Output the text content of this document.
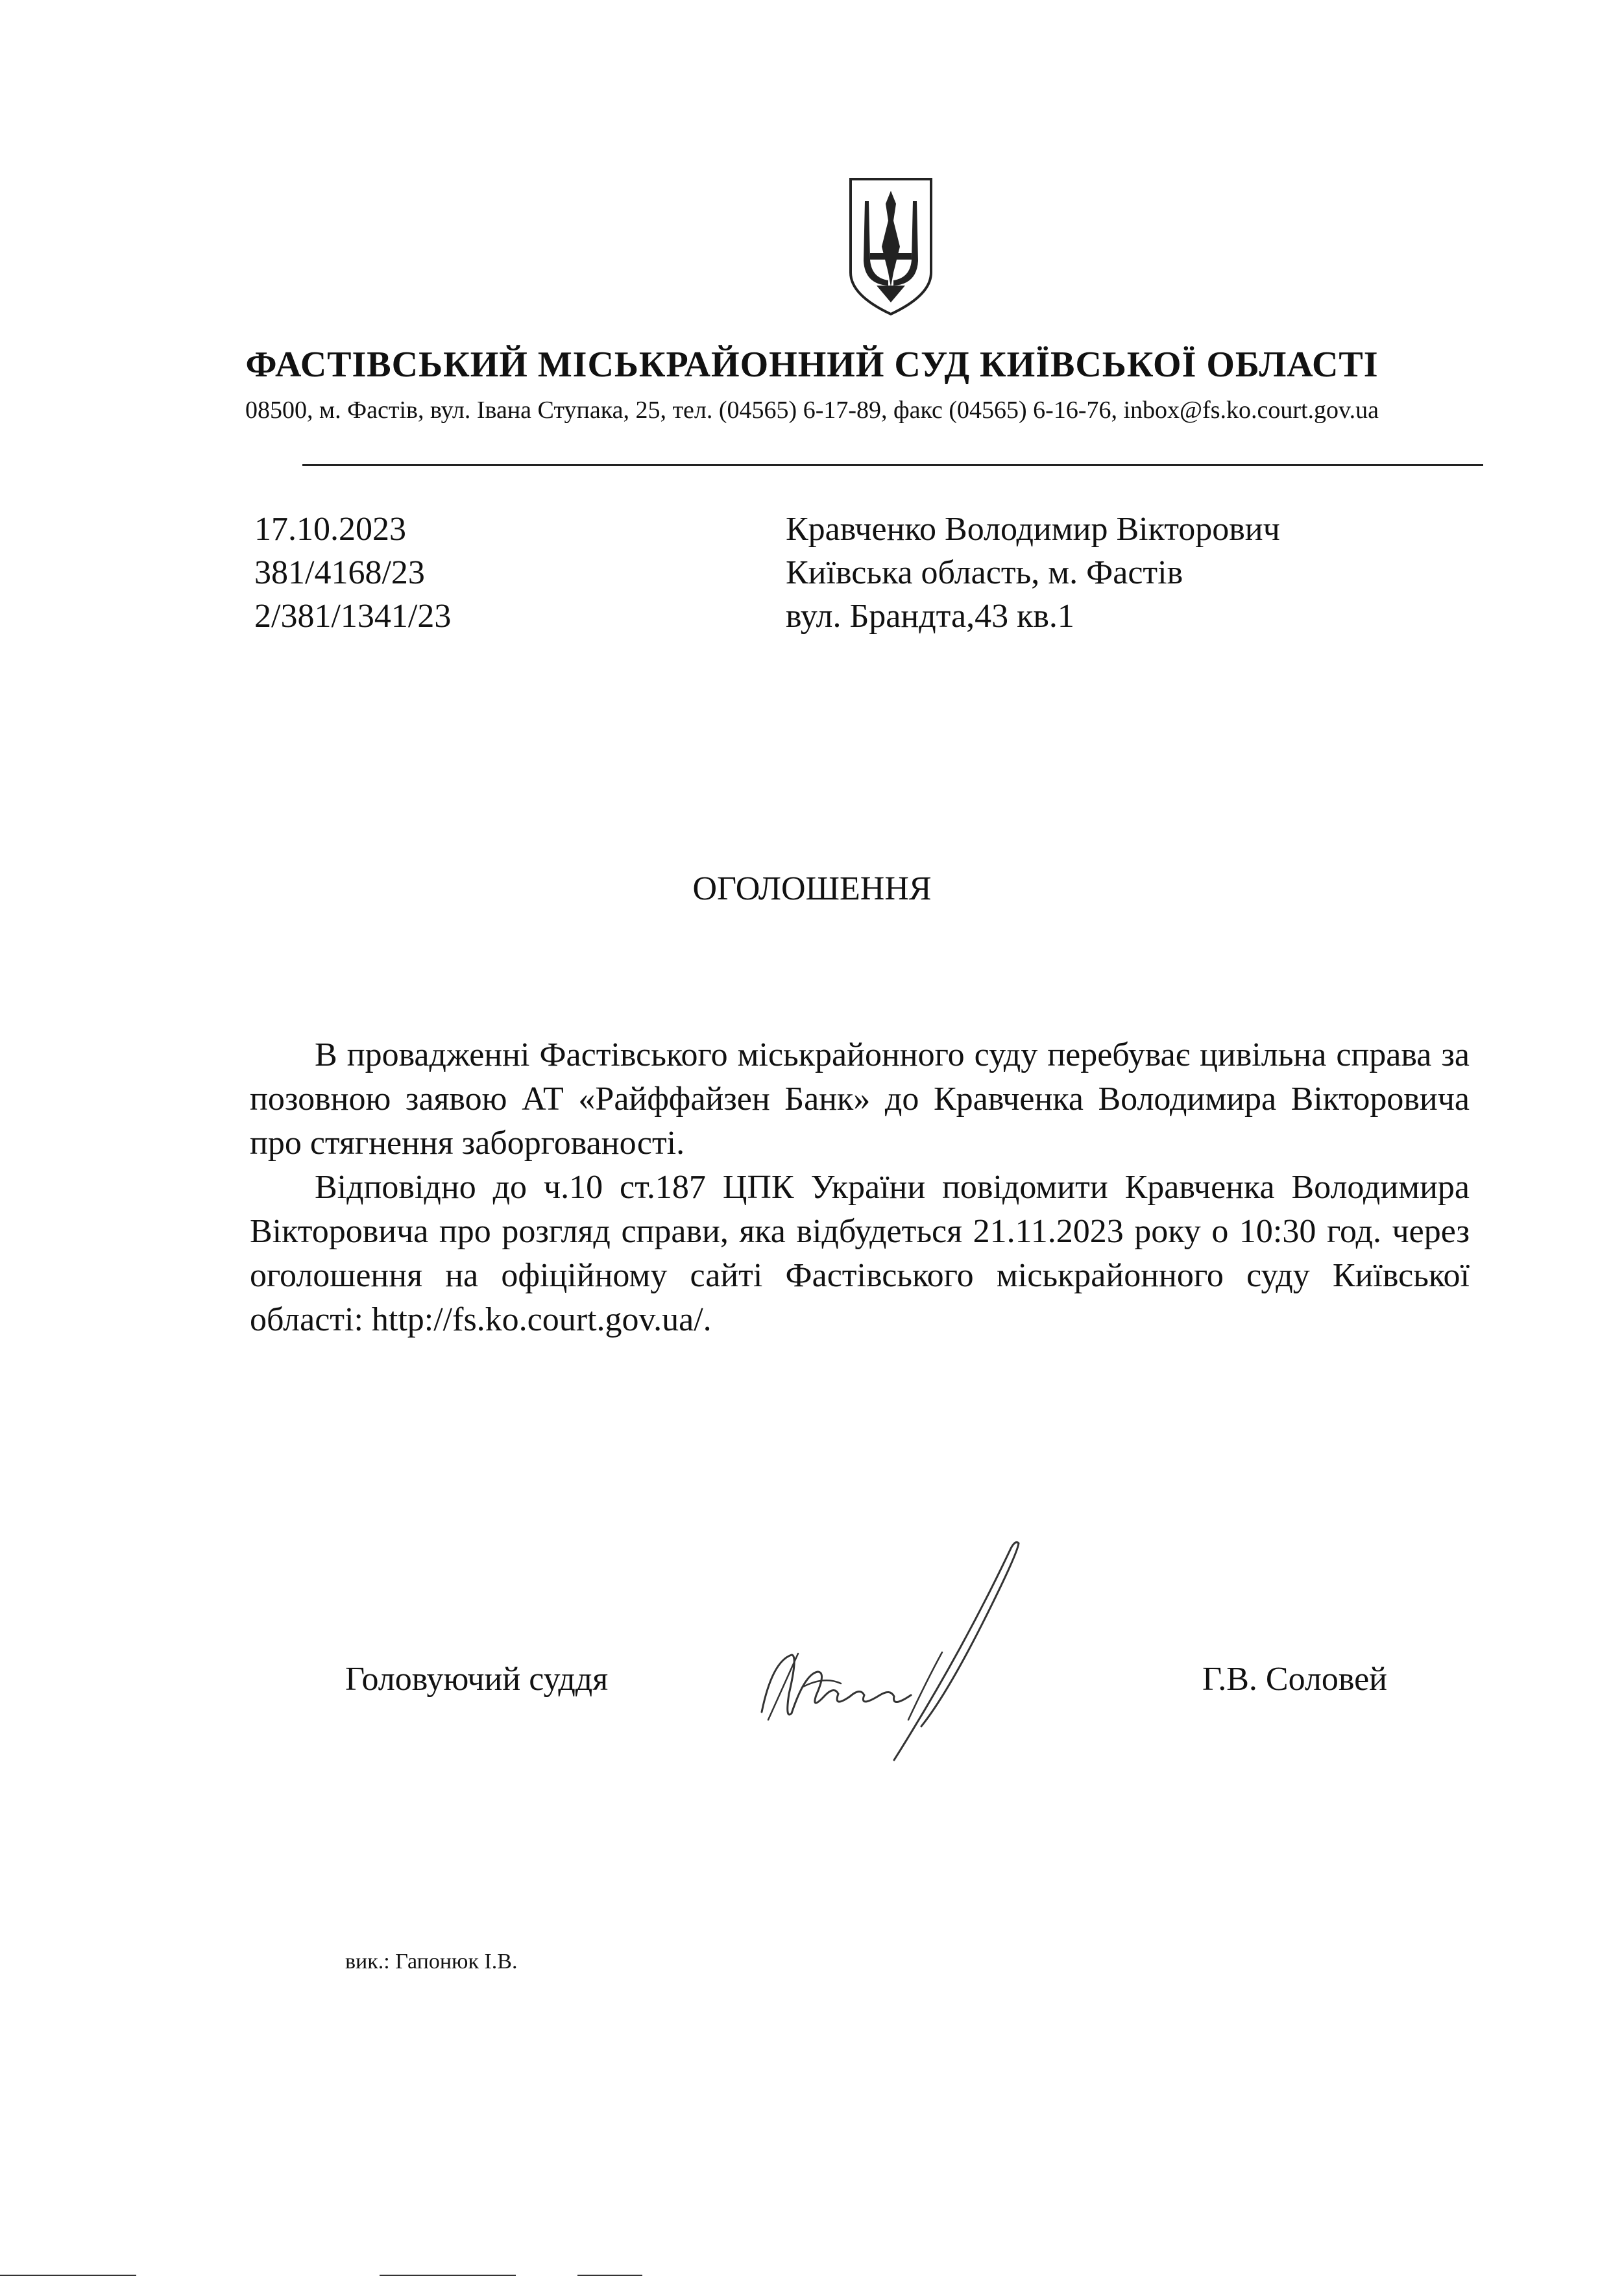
ФАСТІВСЬКИЙ МІСЬКРАЙОННИЙ СУД КИЇВСЬКОЇ ОБЛАСТІ
08500, м. Фастів, вул. Івана Ступака, 25, тел. (04565) 6-17-89, факс (04565) 6-16-76, inbox@fs.ko.court.gov.ua
17.10.2023
381/4168/23
2/381/1341/23
Кравченко Володимир Вікторович
Київська область, м. Фастів
вул. Брандта,43 кв.1
ОГОЛОШЕННЯ

В провадженні Фастівського міськрайонного суду перебуває цивільна справа за позовною заявою АТ «Райффайзен Банк» до Кравченка Володимира Вікторовича про стягнення заборгованості.

Відповідно до ч.10 ст.187 ЦПК України повідомити Кравченка Володимира Вікторовича про розгляд справи, яка відбудеться 21.11.2023 року о 10:30 год. через оголошення на офіційному сайті Фастівського міськрайонного суду Київської області: http://fs.ko.court.gov.ua/.

Головуючий суддя	Г.В. Соловей
вик.: Гапонюк І.В.
